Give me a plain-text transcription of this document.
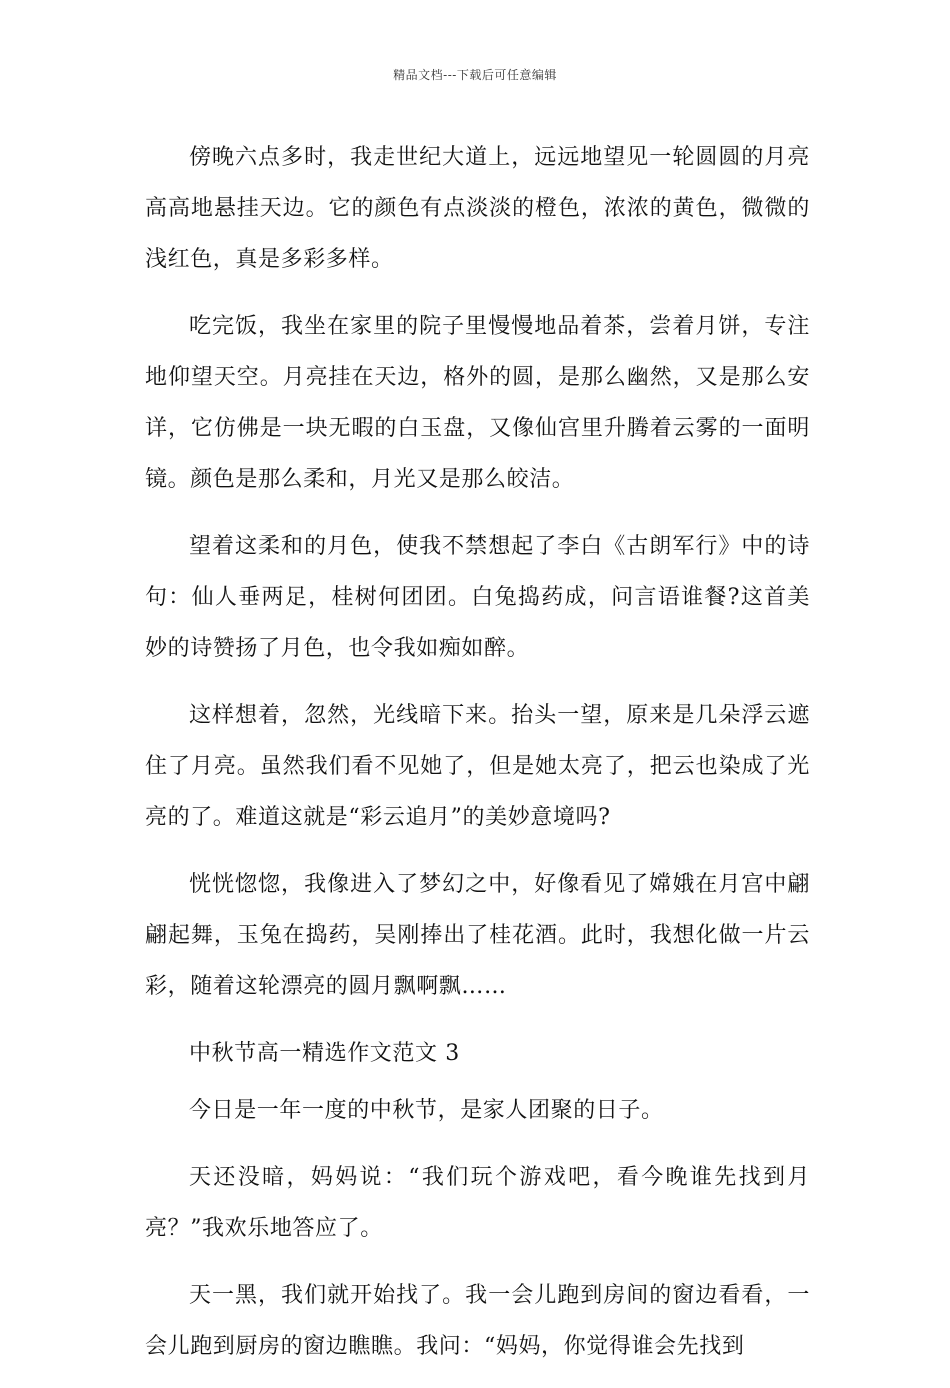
精品文档---下载后可任意编辑

傍晚六点多时，我走世纪大道上，远远地望见一轮圆圆的月亮高高地悬挂天边。它的颜色有点淡淡的橙色，浓浓的黄色，微微的浅红色，真是多彩多样。

吃完饭，我坐在家里的院子里慢慢地品着茶，尝着月饼，专注地仰望天空。月亮挂在天边，格外的圆，是那么幽然，又是那么安详，它仿佛是一块无暇的白玉盘，又像仙宫里升腾着云雾的一面明镜。颜色是那么柔和，月光又是那么皎洁。

望着这柔和的月色，使我不禁想起了李白《古朗军行》中的诗句：仙人垂两足，桂树何团团。白兔捣药成，问言语谁餐?这首美妙的诗赞扬了月色，也令我如痴如醉。

这样想着，忽然，光线暗下来。抬头一望，原来是几朵浮云遮住了月亮。虽然我们看不见她了，但是她太亮了，把云也染成了光亮的了。难道这就是“彩云追月”的美妙意境吗?

恍恍惚惚，我像进入了梦幻之中，好像看见了嫦娥在月宫中翩翩起舞，玉兔在捣药，吴刚捧出了桂花酒。此时，我想化做一片云彩，随着这轮漂亮的圆月飘啊飘……

中秋节高一精选作文范文 3

今日是一年一度的中秋节，是家人团聚的日子。

天还没暗，妈妈说：“我们玩个游戏吧，看今晚谁先找到月亮？”我欢乐地答应了。

天一黑，我们就开始找了。我一会儿跑到房间的窗边看看，一会儿跑到厨房的窗边瞧瞧。我问：“妈妈，你觉得谁会先找到
